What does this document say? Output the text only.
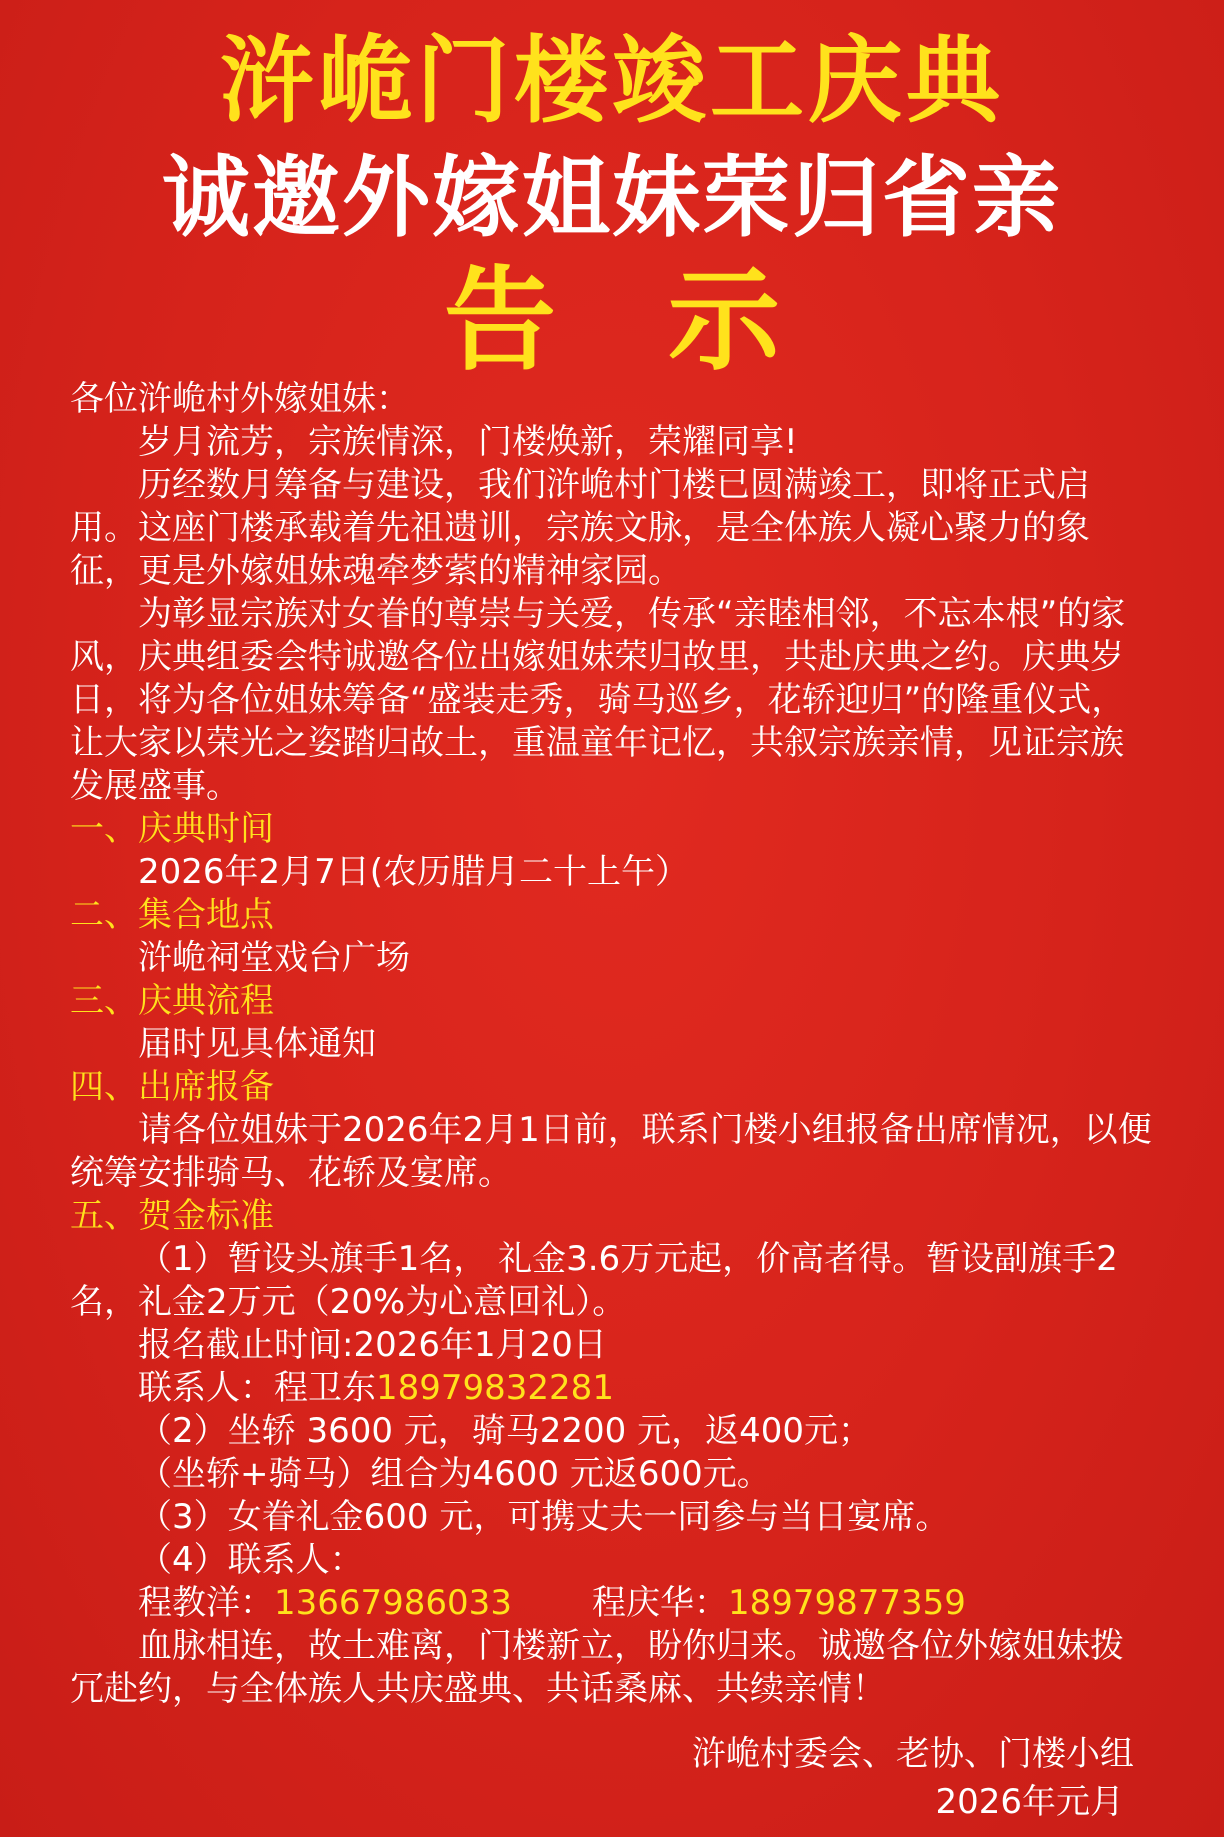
浒峗门楼竣工庆典
诚邀外嫁姐妹荣归省亲
告示

各位浒峗村外嫁姐妹：

岁月流芳，宗族情深，门楼焕新，荣耀同享!

历经数月筹备与建设，我们浒峗村门楼已圆满竣工，即将正式启用。这座门楼承载着先祖遗训，宗族文脉，是全体族人凝心聚力的象征，更是外嫁姐妹魂牵梦萦的精神家园。

为彰显宗族对女眷的尊崇与关爱，传承“亲睦相邻，不忘本根”的家风，庆典组委会特诚邀各位出嫁姐妹荣归故里，共赴庆典之约。庆典岁日，将为各位姐妹筹备“盛装走秀，骑马巡乡，花轿迎归”的隆重仪式，让大家以荣光之姿踏归故土，重温童年记忆，共叙宗族亲情，见证宗族发展盛事。

一、庆典时间

2026年2月7日(农历腊月二十上午）

二、集合地点

浒峗祠堂戏台广场

三、庆典流程

届时见具体通知

四、出席报备

请各位姐妹于2026年2月1日前，联系门楼小组报备出席情况，以便统筹安排骑马、花轿及宴席。

五、贺金标准

（1）暂设头旗手1名， 礼金3.6万元起，价高者得。暂设副旗手2名，礼金2万元（20%为心意回礼）。

报名截止时间:2026年1月20日

联系人：程卫东18979832281

（2）坐轿 3600 元，骑马2200 元，返400元；

（坐轿+骑马）组合为4600 元返600元。

（3）女眷礼金600 元，可携丈夫一同参与当日宴席。

（4）联系人：

程教洋：13667986033 程庆华：18979877359

血脉相连，故土难离，门楼新立，盼你归来。诚邀各位外嫁姐妹拨冗赴约，与全体族人共庆盛典、共话桑麻、共续亲情！

浒峗村委会、老协、门楼小组
2026年元月
